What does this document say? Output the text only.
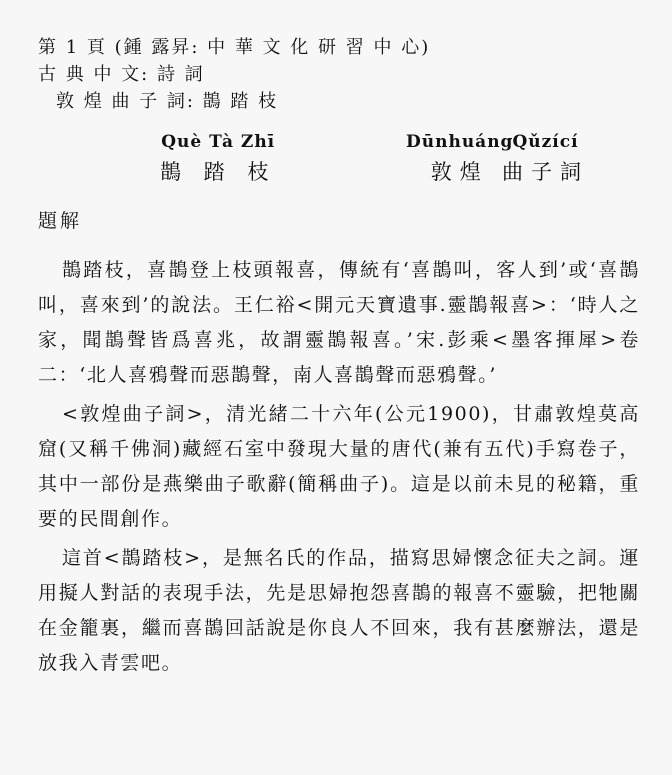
第 1 頁 (鍾 露昇: 中 華 文 化 研 習 中 心)
古 典 中 文: 詩 詞
敦 煌 曲 子 詞: 鵲 踏 枝
Què Tà Zhī
鵲 踏 枝
Dūnhuáng
敦煌
Qǔzící
曲子詞
題解

鵲踏枝，喜鵲登上枝頭報喜，傳統有‘喜鵲叫，客人到’或‘喜鵲叫，喜來到’的說法。王仁裕<開元天寶遺事.靈鵲報喜>：‘時人之家，聞鵲聲皆爲喜兆，故謂靈鵲報喜。’宋.彭乘<墨客揮犀>卷二：‘北人喜鴉聲而惡鵲聲，南人喜鵲聲而惡鴉聲。’

<敦煌曲子詞>，清光緒二十六年(公元1900)，甘肅敦煌莫高窟(又稱千佛洞)藏經石室中發現大量的唐代(兼有五代)手寫卷子，其中一部份是燕樂曲子歌辭(簡稱曲子)。這是以前未見的秘籍，重要的民間創作。

這首<鵲踏枝>，是無名氏的作品，描寫思婦懷念征夫之詞。運用擬人對話的表現手法，先是思婦抱怨喜鵲的報喜不靈驗，把牠關在金籠裏，繼而喜鵲回話說是你良人不回來，我有甚麼辦法，還是放我入青雲吧。
